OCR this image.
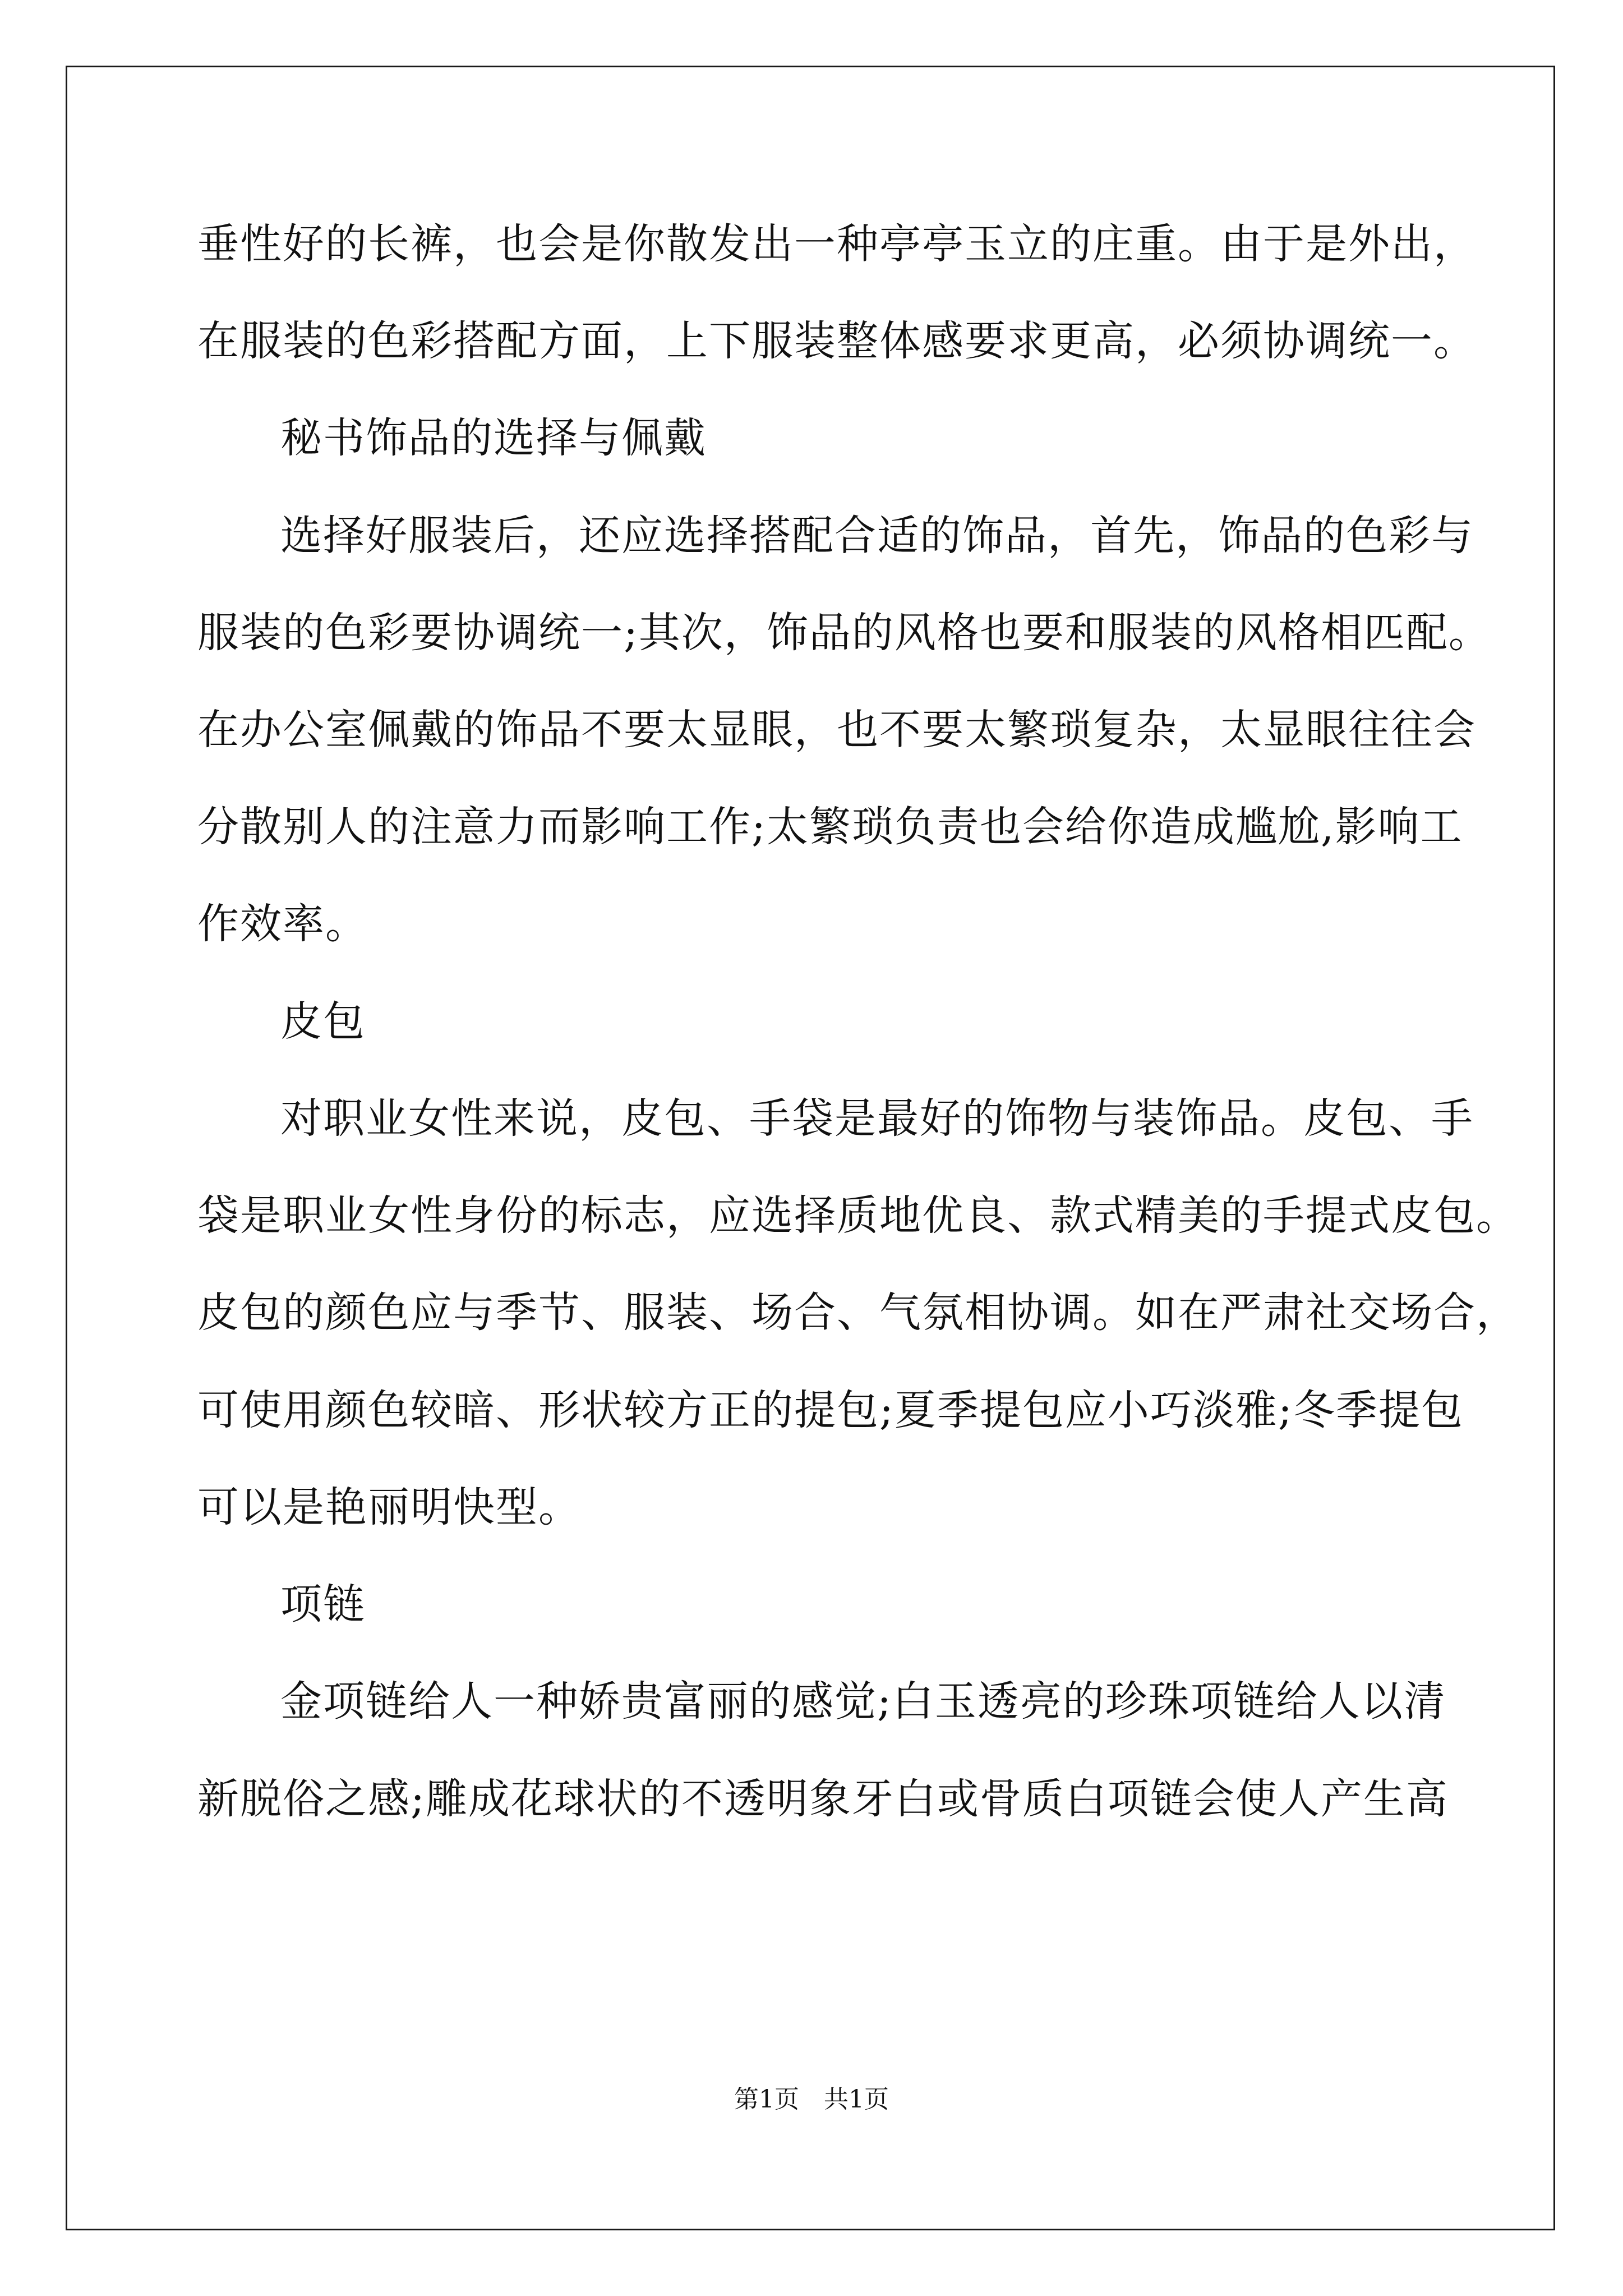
垂性好的长裤，也会是你散发出一种亭亭玉立的庄重。由于是外出，
在服装的色彩搭配方面，上下服装整体感要求更高，必须协调统一。
秘书饰品的选择与佩戴
选择好服装后，还应选择搭配合适的饰品，首先，饰品的色彩与
服装的色彩要协调统一;其次，饰品的风格也要和服装的风格相匹配。
在办公室佩戴的饰品不要太显眼，也不要太繁琐复杂，太显眼往往会
分散别人的注意力而影响工作;太繁琐负责也会给你造成尴尬,影响工
作效率。
皮包
对职业女性来说，皮包、手袋是最好的饰物与装饰品。皮包、手
袋是职业女性身份的标志，应选择质地优良、款式精美的手提式皮包。
皮包的颜色应与季节、服装、场合、气氛相协调。如在严肃社交场合，
可使用颜色较暗、形状较方正的提包;夏季提包应小巧淡雅;冬季提包
可以是艳丽明快型。
项链
金项链给人一种娇贵富丽的感觉;白玉透亮的珍珠项链给人以清
新脱俗之感;雕成花球状的不透明象牙白或骨质白项链会使人产生高
第1页　共1页
